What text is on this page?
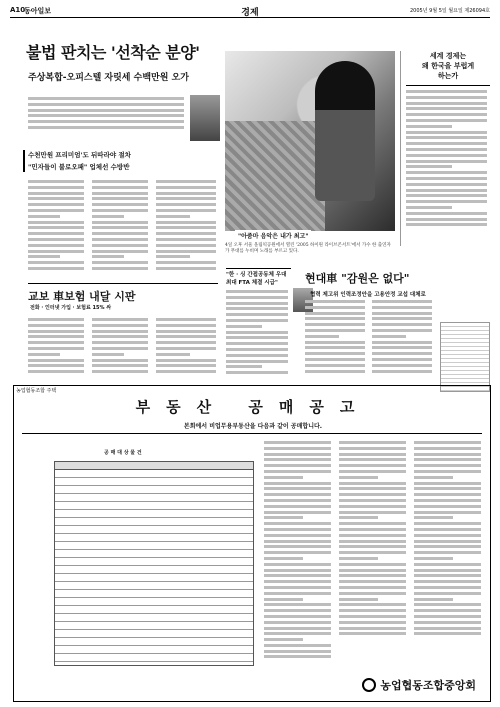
A10
동아일보	경제	2005년 9월 5일 월요일 제26094호
불법 판치는 '선착순 분양'
주상복합-오피스텔 자릿세 수백만원 오가
수천만원 프리미엄'도 뒤따라야 절차
"민자들이 불로오패" 업체선 수방반
"아줌마 음악은 내가 최고"
4일 오후 서울 올림픽공원에서 열린 '2005 하이원 라이브콘서트'에서 가수 한 출연자가 무대를 누비며 노래를 부르고 있다.
세계 경제는
왜 한국을 부럽게
하는가
교보 車보험 내달 시판
전화 · 인터넷 가입 · 보험료 15% 싸
"한 · 싱 간접공동체 우대
최대 FTA 체결 시급"	현대車 "감원은 없다"
협력 제고위 인력조정안을 고용안정 교섭 대체로
농업협동조합 주택
부동산 공매공고
본회에서 비업무용부동산을 다음과 같이 공매합니다.
공 매 대 상 물 건
농업협동조합중앙회
